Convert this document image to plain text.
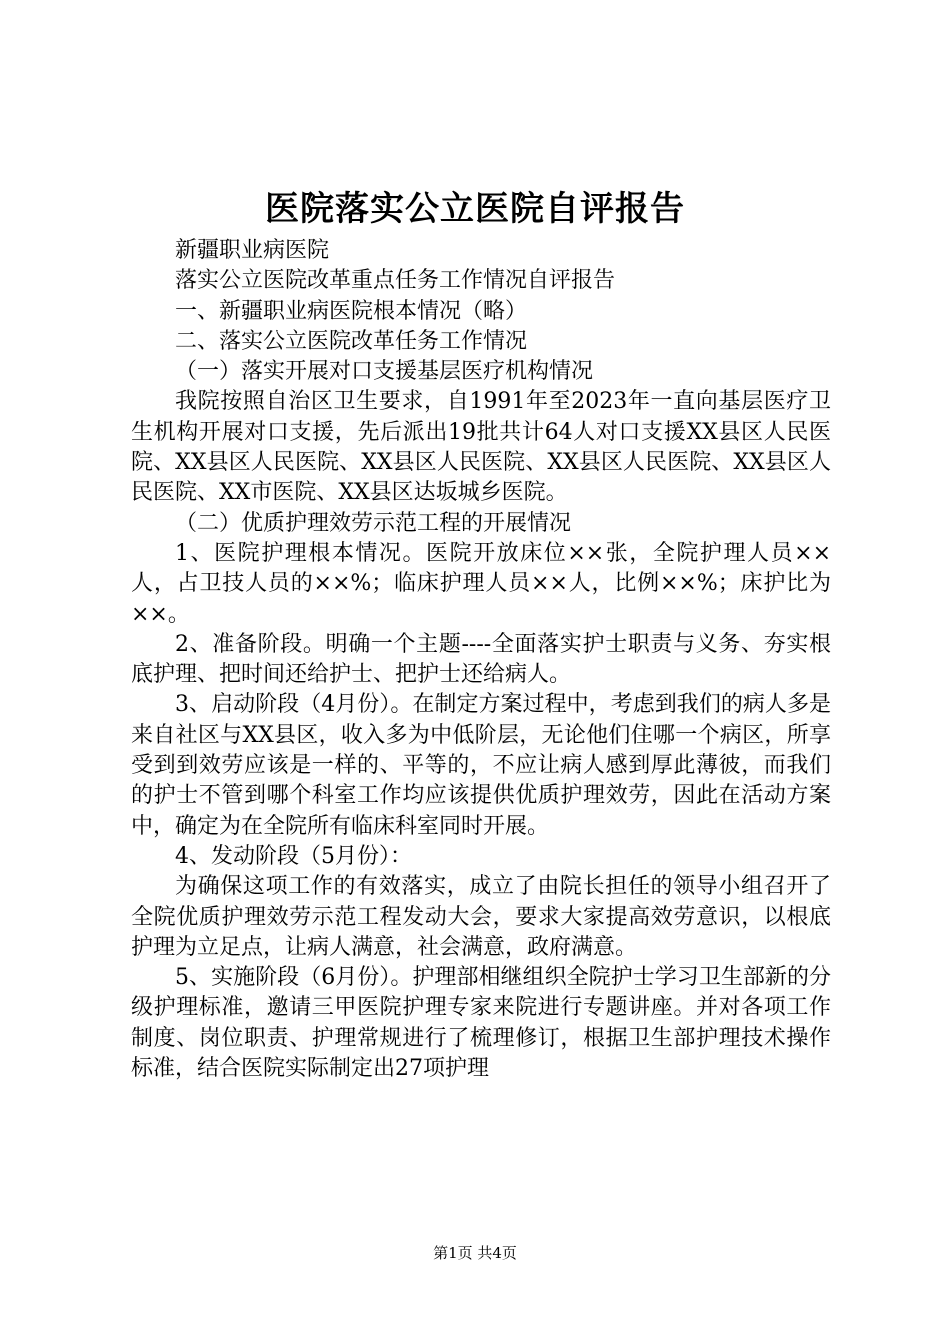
医院落实公立医院自评报告

新疆职业病医院

落实公立医院改革重点任务工作情况自评报告

一、新疆职业病医院根本情况（略）

二、落实公立医院改革任务工作情况

（一）落实开展对口支援基层医疗机构情况

我院按照自治区卫生要求，自1991年至2023年一直向基层医疗卫生机构开展对口支援，先后派出19批共计64人对口支援XX县区人民医院、XX县区人民医院、XX县区人民医院、XX县区人民医院、XX县区人民医院、XX市医院、XX县区达坂城乡医院。

（二）优质护理效劳示范工程的开展情况

1、医院护理根本情况。医院开放床位××张，全院护理人员××人，占卫技人员的××%；临床护理人员××人，比例××%；床护比为××。

2、准备阶段。明确一个主题----全面落实护士职责与义务、夯实根底护理、把时间还给护士、把护士还给病人。

3、启动阶段（4月份）。在制定方案过程中，考虑到我们的病人多是来自社区与XX县区，收入多为中低阶层，无论他们住哪一个病区，所享受到到效劳应该是一样的、平等的，不应让病人感到厚此薄彼，而我们的护士不管到哪个科室工作均应该提供优质护理效劳，因此在活动方案中，确定为在全院所有临床科室同时开展。

4、发动阶段（5月份）：

为确保这项工作的有效落实，成立了由院长担任的领导小组召开了全院优质护理效劳示范工程发动大会，要求大家提高效劳意识，以根底护理为立足点，让病人满意，社会满意，政府满意。

5、实施阶段（6月份）。护理部相继组织全院护士学习卫生部新的分级护理标准，邀请三甲医院护理专家来院进行专题讲座。并对各项工作制度、岗位职责、护理常规进行了梳理修订，根据卫生部护理技术操作标准，结合医院实际制定出27项护理

第1页 共4页
